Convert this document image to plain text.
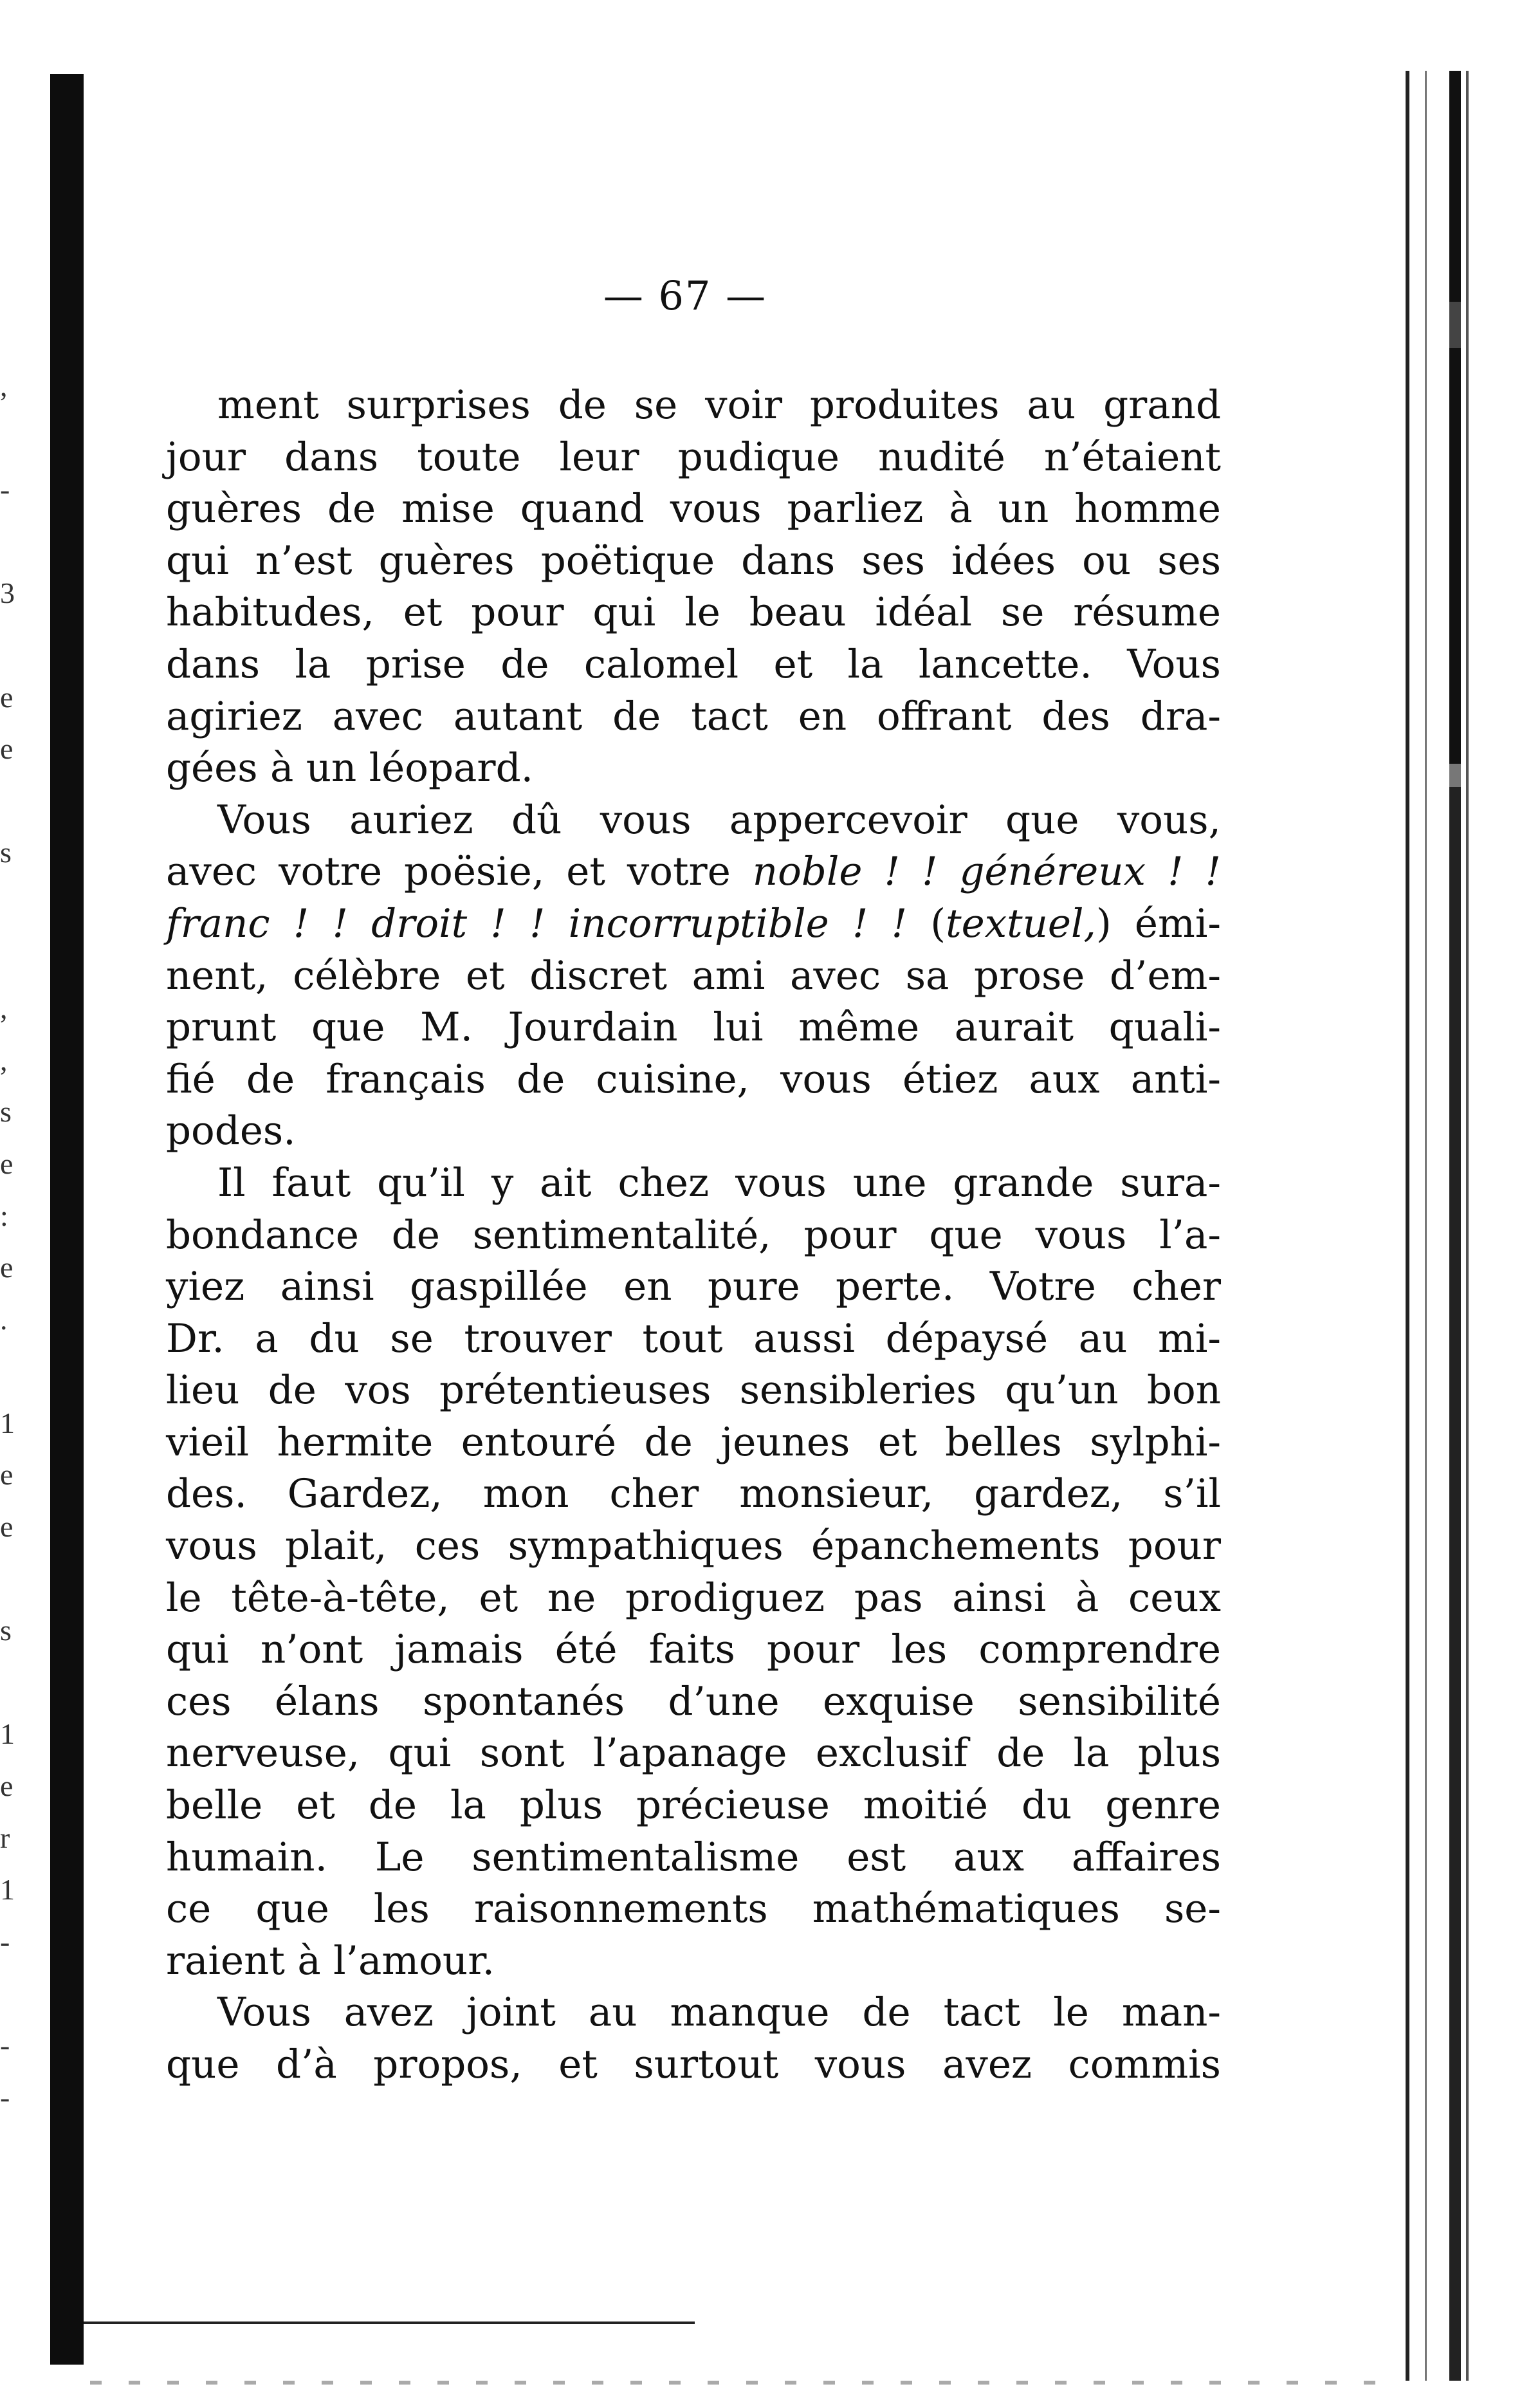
,
-
3
e
e
s
,
,
s
e
:
e
.
1
e
e
s
1
e
r
1
-
-
-
— 67 —
ment surprises de se voir produites au grand
jour dans toute leur pudique nudité n’étaient
guères de mise quand vous parliez à un homme
qui n’est guères poëtique dans ses idées ou ses
habitudes, et pour qui le beau idéal se résume
dans la prise de calomel et la lancette. Vous
agiriez avec autant de tact en offrant des dra-
gées à un léopard.
Vous auriez dû vous appercevoir que vous,
avec votre poësie, et votre noble ! ! généreux ! !
franc ! ! droit ! ! incorruptible ! ! (textuel,) émi-
nent, célèbre et discret ami avec sa prose d’em-
prunt que M. Jourdain lui même aurait quali-
fié de français de cuisine, vous étiez aux anti-
podes.
Il faut qu’il y ait chez vous une grande sura-
bondance de sentimentalité, pour que vous l’a-
yiez ainsi gaspillée en pure perte. Votre cher
Dr. a du se trouver tout aussi dépaysé au mi-
lieu de vos prétentieuses sensibleries qu’un bon
vieil hermite entouré de jeunes et belles sylphi-
des. Gardez, mon cher monsieur, gardez, s’il
vous plait, ces sympathiques épanchements pour
le tête-à-tête, et ne prodiguez pas ainsi à ceux
qui n’ont jamais été faits pour les comprendre
ces élans spontanés d’une exquise sensibilité
nerveuse, qui sont l’apanage exclusif de la plus
belle et de la plus précieuse moitié du genre
humain. Le sentimentalisme est aux affaires
ce que les raisonnements mathématiques se-
raient à l’amour.
Vous avez joint au manque de tact le man-
que d’à propos, et surtout vous avez commis
